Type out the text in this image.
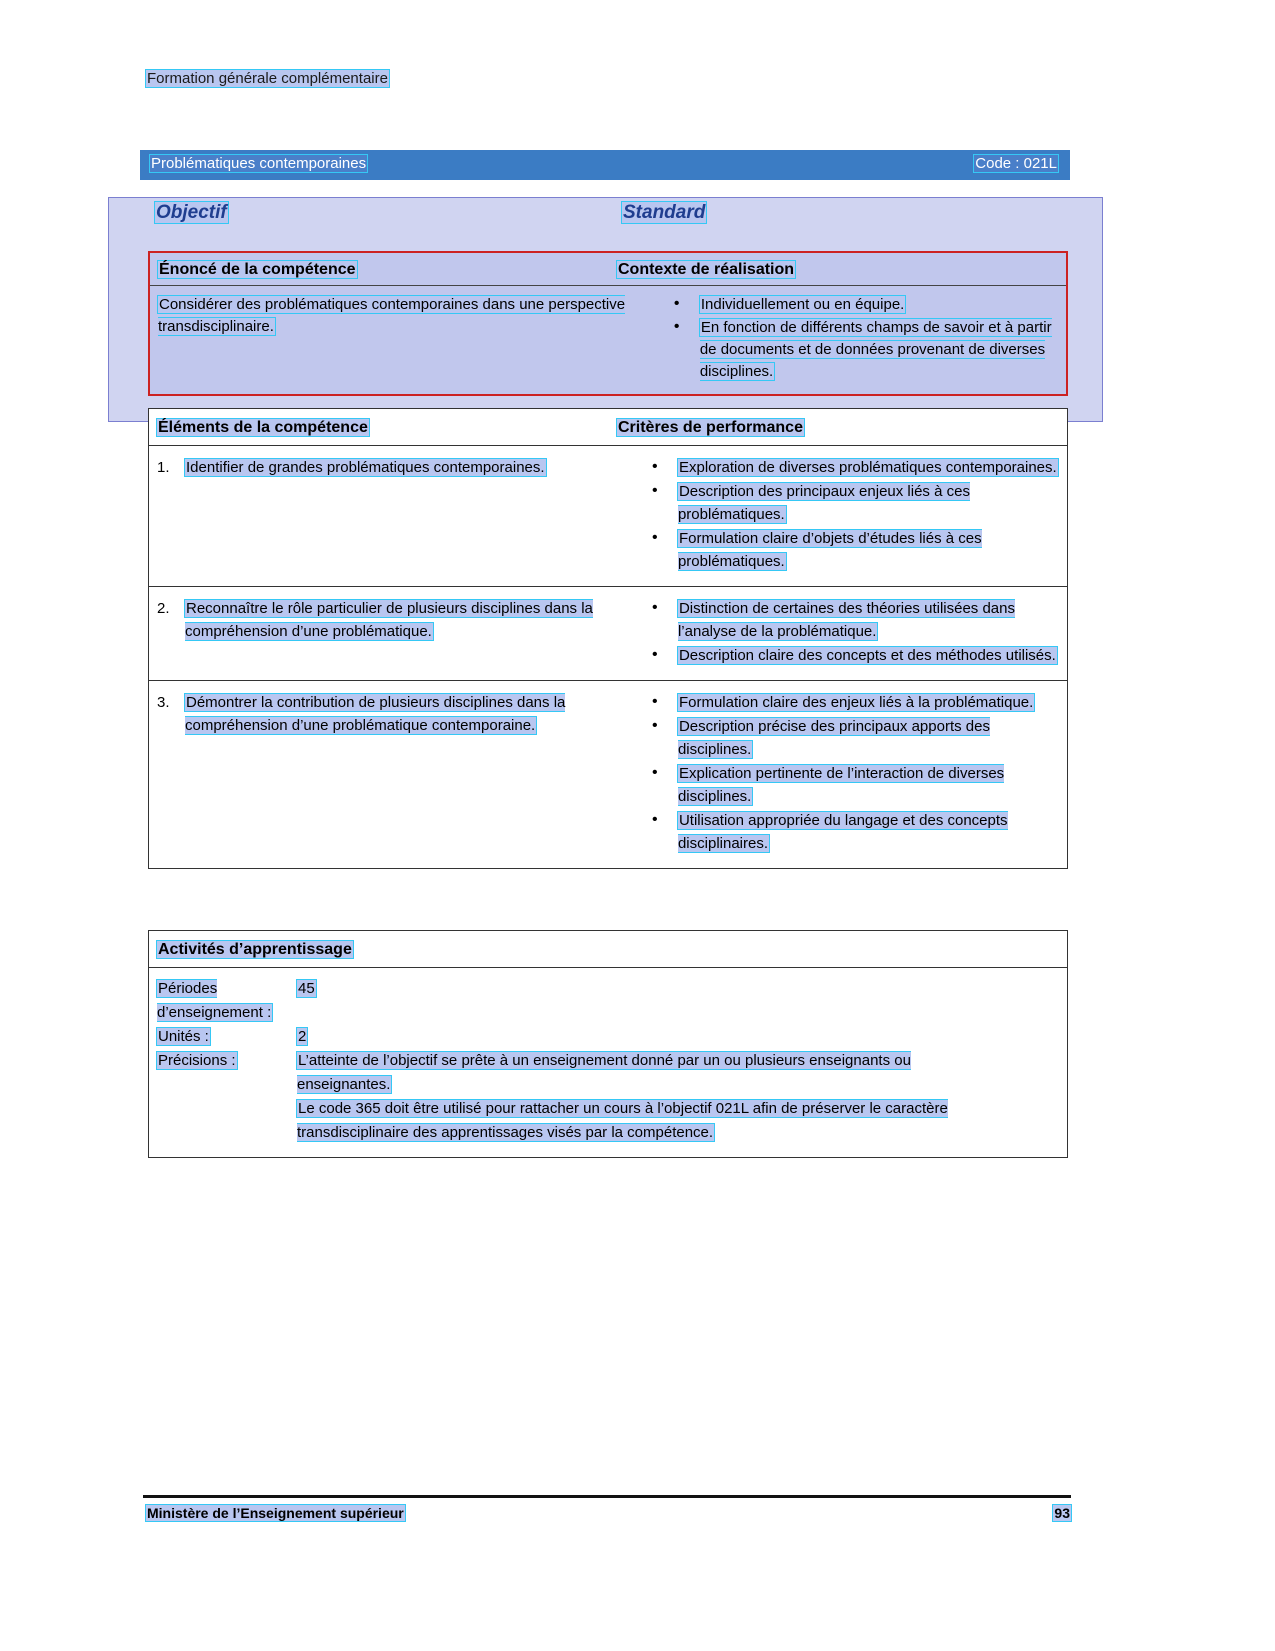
Formation générale complémentaire
Problématiques contemporaines	Code : 021L
Objectif	Standard
Énoncé de la compétence	Contexte de réalisation
Considérer des problématiques contemporaines dans une perspective transdisciplinaire.
• Individuellement ou en équipe.
• En fonction de différents champs de savoir et à partir de documents et de données provenant de diverses disciplines.
Éléments de la compétence	Critères de performance
1.	Identifier de grandes problématiques contemporaines.	• Exploration de diverses problématiques contemporaines.
• Description des principaux enjeux liés à ces problématiques.
• Formulation claire d’objets d’études liés à ces problématiques.
2.	Reconnaître le rôle particulier de plusieurs disciplines dans la compréhension d’une problématique.
• Distinction de certaines des théories utilisées dans l’analyse de la problématique.
• Description claire des concepts et des méthodes utilisés.
3.	Démontrer la contribution de plusieurs disciplines dans la compréhension d’une problématique contemporaine.
• Formulation claire des enjeux liés à la problématique.
• Description précise des principaux apports des disciplines.
• Explication pertinente de l’interaction de diverses disciplines.
• Utilisation appropriée du langage et des concepts disciplinaires.
Activités d’apprentissage
Périodes d’enseignement :
45
Unités :	2
Précisions :	L’atteinte de l’objectif se prête à un enseignement donné par un ou plusieurs enseignants ou enseignantes.
Le code 365 doit être utilisé pour rattacher un cours à l’objectif 021L afin de préserver le caractère transdisciplinaire des apprentissages visés par la compétence.
Ministère de l’Enseignement supérieur	93
